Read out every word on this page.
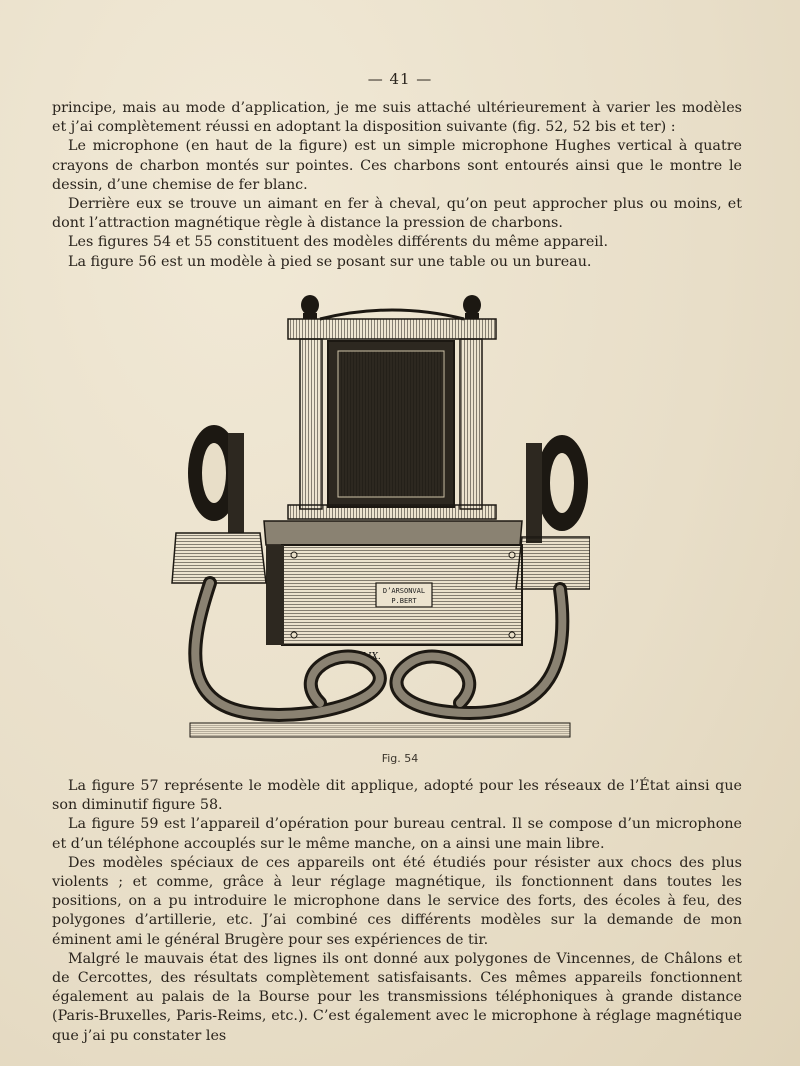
— 41 —

principe, mais au mode d’application, je me suis attaché ultérieurement à varier les modèles et j’ai complètement réussi en adoptant la disposition suivante (fig. 52, 52 bis et ter) :

Le microphone (en haut de la figure) est un simple microphone Hughes vertical à quatre crayons de charbon montés sur pointes. Ces charbons sont entourés ainsi que le montre le dessin, d’une chemise de fer blanc.

Derrière eux se trouve un aimant en fer à cheval, qu’on peut approcher plus ou moins, et dont l’attraction magnétique règle à distance la pression de charbons.

Les figures 54 et 55 constituent des modèles différents du même appareil.

La figure 56 est un modèle à pied se posant sur une table ou un bureau.

D’ARSONVAL
P.BERT
E.ALIX.
Fig. 54

La figure 57 représente le modèle dit applique, adopté pour les réseaux de l’État ainsi que son diminutif figure 58.

La figure 59 est l’appareil d’opération pour bureau central. Il se compose d’un microphone et d’un téléphone accouplés sur le même manche, on a ainsi une main libre.

Des modèles spéciaux de ces appareils ont été étudiés pour résister aux chocs des plus violents ; et comme, grâce à leur réglage magnétique, ils fonctionnent dans toutes les positions, on a pu introduire le microphone dans le service des forts, des écoles à feu, des polygones d’artillerie, etc. J’ai combiné ces différents modèles sur la demande de mon éminent ami le général Brugère pour ses expériences de tir.

Malgré le mauvais état des lignes ils ont donné aux polygones de Vincennes, de Châlons et de Cercottes, des résultats complètement satisfaisants. Ces mêmes appareils fonctionnent également au palais de la Bourse pour les transmissions téléphoniques à grande distance (Paris-Bruxelles, Paris-Reims, etc.). C’est également avec le microphone à réglage magnétique que j’ai pu constater les
